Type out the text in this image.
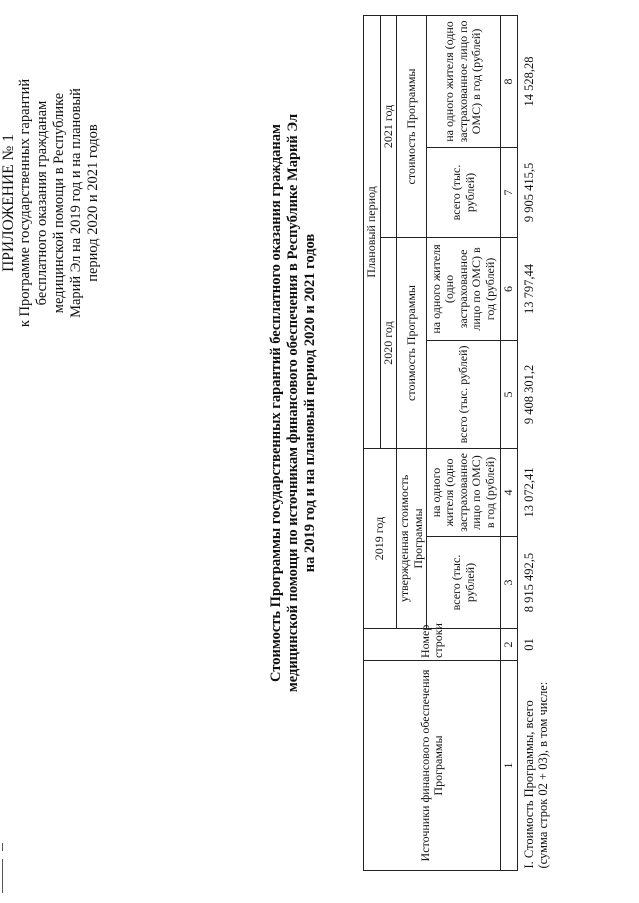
ПРИЛОЖЕНИЕ № 1 к Программе государственных гарантий бесплатного оказания гражданам медицинской помощи в Республике Марий Эл на 2019 год и на плановый период 2020 и 2021 годов	Стоимость Программы государственных гарантий бесплатного оказания гражданам медицинской помощи по источникам финансового обеспечения в Республике Марий Эл на 2019 год и на плановый период 2020 и 2021 годов
Источники финансового обеспечения Программы	Номер строки	2019 год		Плановый период			
				2020 год		2021 год	
		утвержденная стоимость Программы		стоимость Программы		стоимость Программы	
		всего (тыс. рублей)	на одного жителя (одно застрахованное лицо по ОМС) в год (рублей)	всего (тыс. рублей)	на одного жителя (одно застрахованное лицо по ОМС) в год (рублей)	всего (тыс. рублей)	на одного жителя (одно застрахованное лицо по ОМС) в год (рублей)
1	2	3	4	5	6	7	8
I. Стоимость Программы, всего (сумма строк 02 + 03), в том числе:	01	8 915 492,5	13 072,41	9 408 301,2	13 797,44	9 905 415,5	14 528,28
